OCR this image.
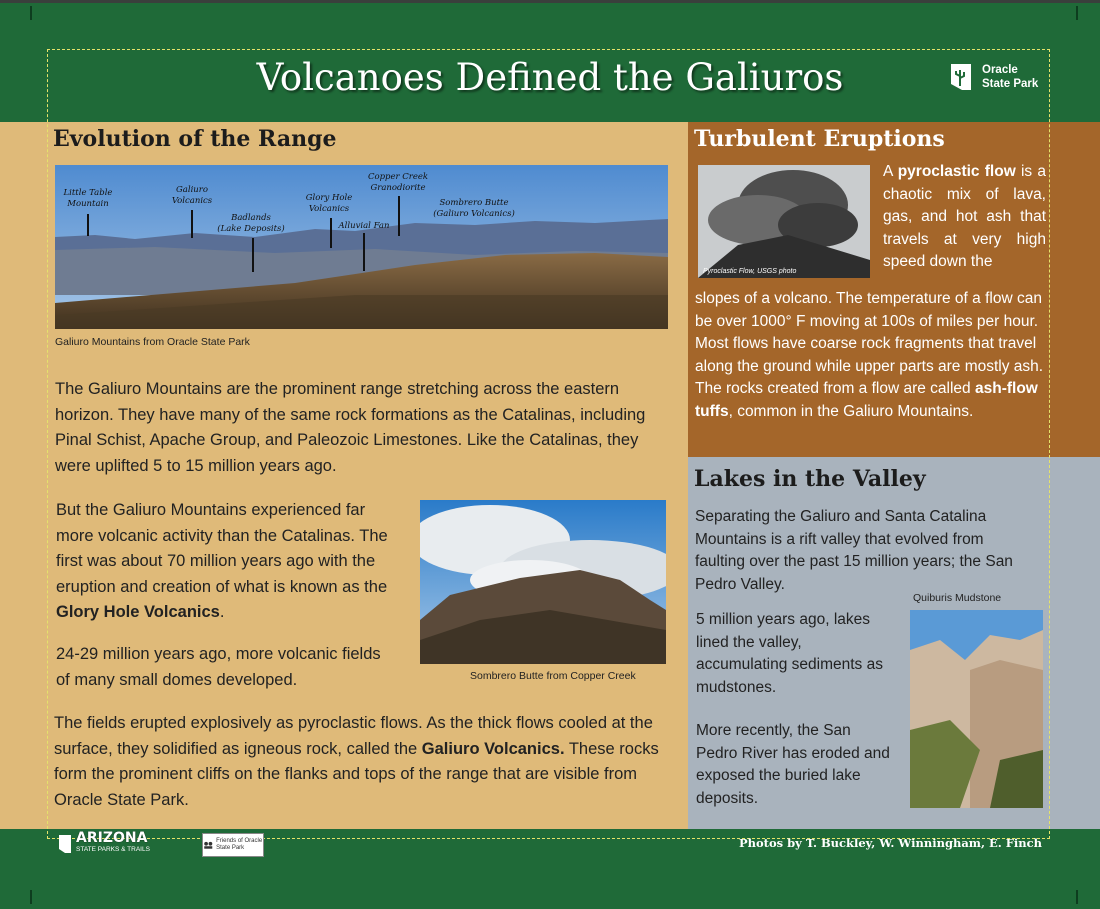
Volcanoes Defined the Galiuros	Oracle
State Park
Evolution of the Range
Little Table
Mountain
Galiuro
Volcanics
Badlands
(Lake Deposits)
Glory Hole
Volcanics
Copper Creek
Granodiorite
Alluvial Fan
Sombrero Butte
(Galiuro Volcanics)
Galiuro Mountains from Oracle State Park

The Galiuro Mountains are the prominent range stretching across the eastern horizon. They have many of the same rock formations as the Catalinas, including Pinal Schist, Apache Group, and Paleozoic Limestones. Like the Catalinas, they were uplifted 5 to 15 million years ago.

But the Galiuro Mountains experienced far more volcanic activity than the Catalinas. The first was about 70 million years ago with the eruption and creation of what is known as the Glory Hole Volcanics.

24-29 million years ago, more volcanic fields of many small domes developed.	Sombrero Butte from Copper Creek

The fields erupted explosively as pyroclastic flows. As the thick flows cooled at the surface, they solidified as igneous rock, called the Galiuro Volcanics. These rocks form the prominent cliffs on the flanks and tops of the range that are visible from Oracle State Park.

Turbulent Eruptions
Pyroclastic Flow, USGS photo

A pyroclastic flow is a chaotic mix of lava, gas, and hot ash that travels at very high speed down the

slopes of a volcano. The temperature of a flow can be over 1000° F moving at 100s of miles per hour. Most flows have coarse rock fragments that travel along the ground while upper parts are mostly ash. The rocks created from a flow are called ash-flow tuffs, common in the Galiuro Mountains.

Lakes in the Valley

Separating the Galiuro and Santa Catalina Mountains is a rift valley that evolved from faulting over the past 15 million years; the San Pedro Valley.

Quiburis Mudstone

5 million years ago, lakes lined the valley, accumulating sediments as mudstones.

More recently, the San Pedro River has eroded and exposed the buried lake deposits.

ARIZONA
STATE PARKS & TRAILS
Friends of Oracle State Park	Photos by T. Buckley, W. Winningham, E. Finch
